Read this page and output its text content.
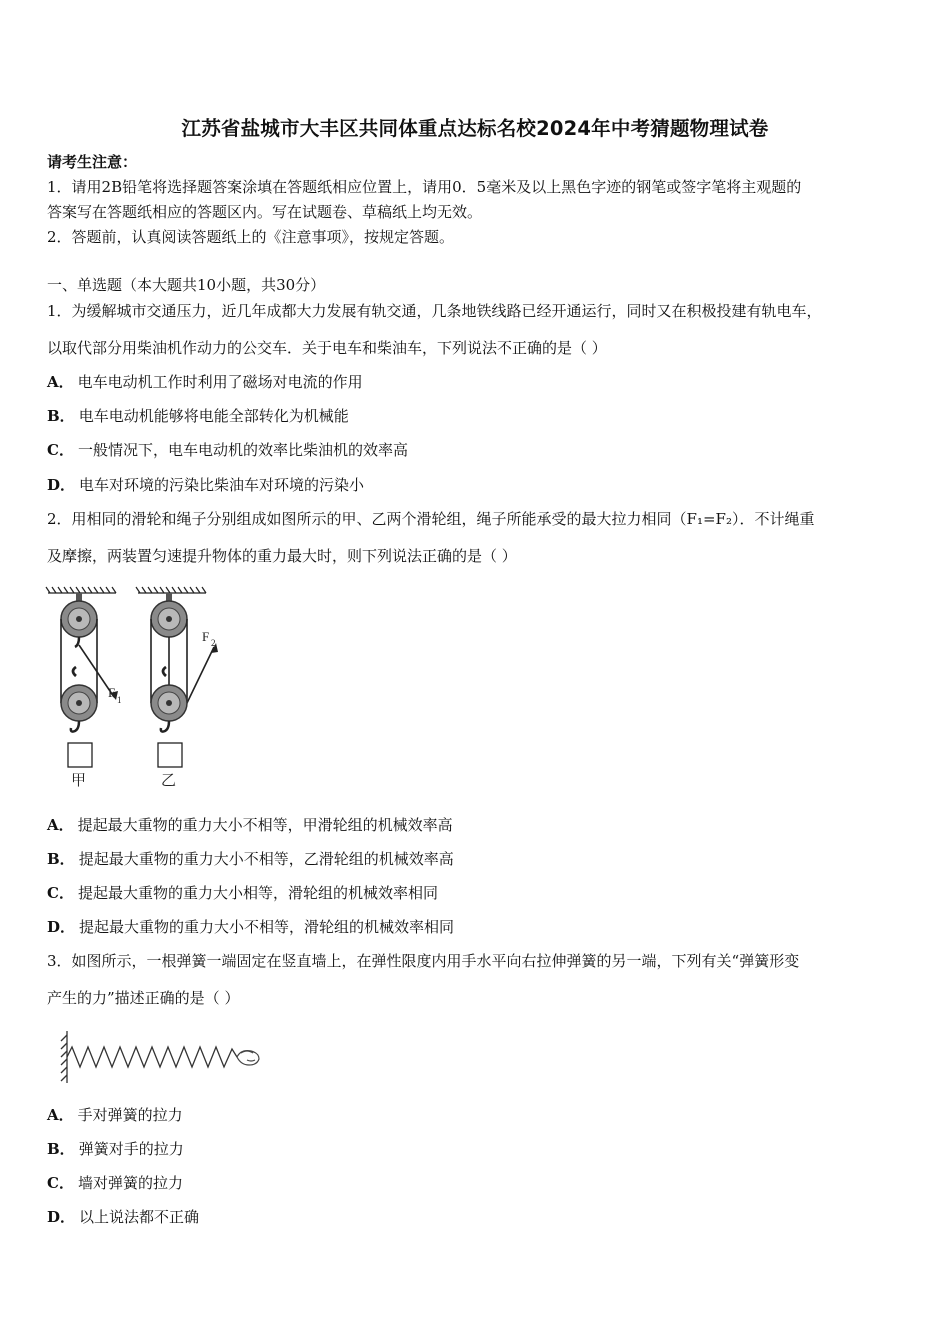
江苏省盐城市大丰区共同体重点达标名校2024年中考猜题物理试卷
请考生注意：
1．请用2B铅笔将选择题答案涂填在答题纸相应位置上，请用0．5毫米及以上黑色字迹的钢笔或签字笔将主观题的
答案写在答题纸相应的答题区内。写在试题卷、草稿纸上均无效。
2．答题前，认真阅读答题纸上的《注意事项》，按规定答题。
一、单选题（本大题共10小题，共30分）
1．为缓解城市交通压力，近几年成都大力发展有轨交通，几条地铁线路已经开通运行，同时又在积极投建有轨电车，
以取代部分用柴油机作动力的公交车．关于电车和柴油车，下列说法不正确的是（ ）
A． 电车电动机工作时利用了磁场对电流的作用
B． 电车电动机能够将电能全部转化为机械能
C． 一般情况下，电车电动机的效率比柴油机的效率高
D． 电车对环境的污染比柴油车对环境的污染小
2．用相同的滑轮和绳子分别组成如图所示的甲、乙两个滑轮组，绳子所能承受的最大拉力相同（F₁=F₂）．不计绳重
及摩擦，两装置匀速提升物体的重力最大时，则下列说法正确的是（ ）
F 1
甲
F 2
乙
A． 提起最大重物的重力大小不相等，甲滑轮组的机械效率高
B． 提起最大重物的重力大小不相等，乙滑轮组的机械效率高
C． 提起最大重物的重力大小相等，滑轮组的机械效率相同
D． 提起最大重物的重力大小不相等，滑轮组的机械效率相同
3．如图所示，一根弹簧一端固定在竖直墙上，在弹性限度内用手水平向右拉伸弹簧的另一端，下列有关“弹簧形变
产生的力”描述正确的是（ ）
A． 手对弹簧的拉力
B． 弹簧对手的拉力
C． 墙对弹簧的拉力
D． 以上说法都不正确
